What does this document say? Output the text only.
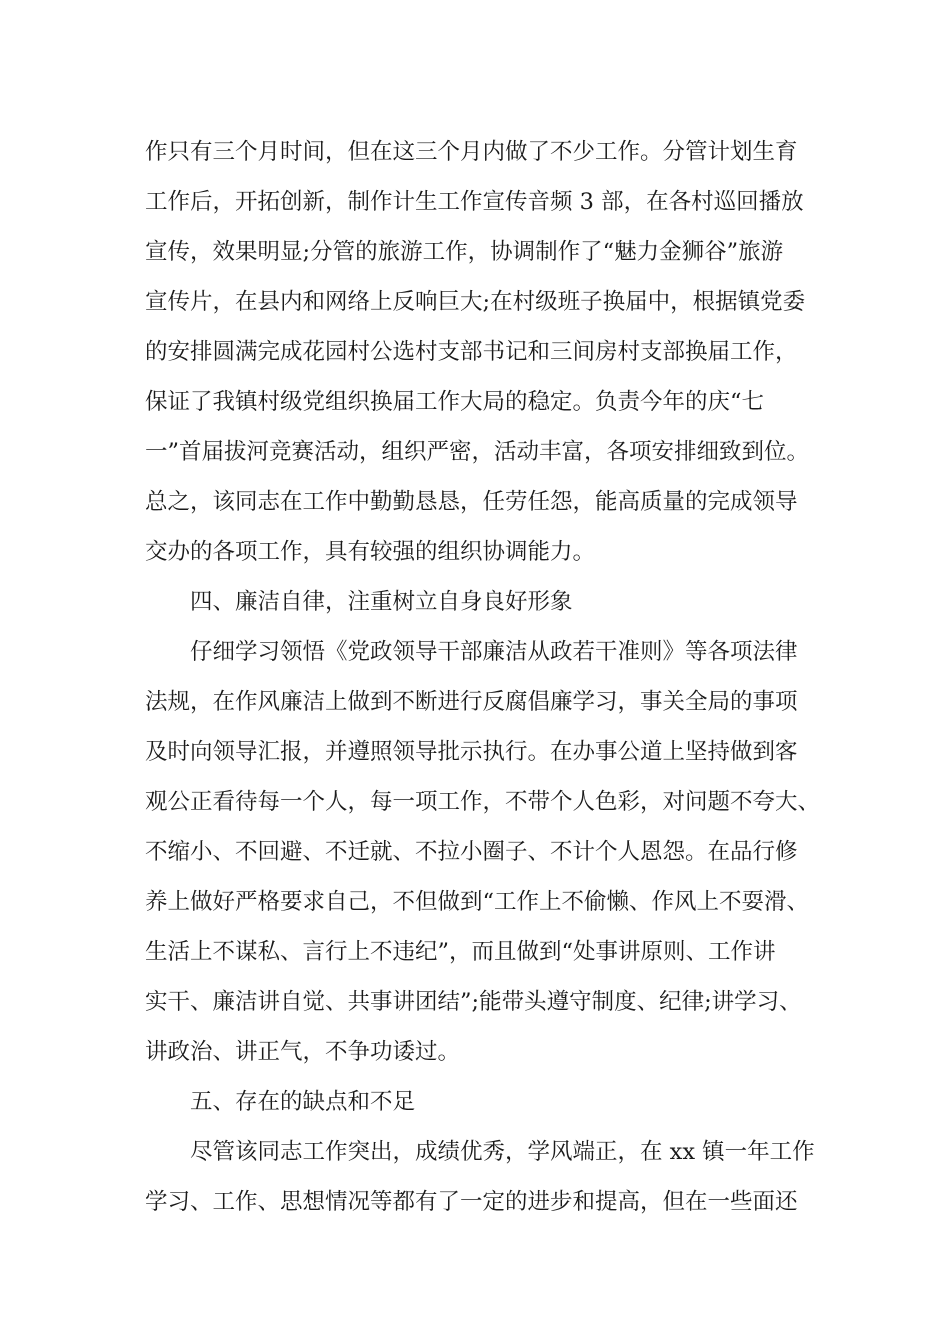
作只有三个月时间，但在这三个月内做了不少工作。分管计划生育
工作后，开拓创新，制作计生工作宣传音频 3 部，在各村巡回播放
宣传，效果明显;分管的旅游工作，协调制作了“魅力金狮谷”旅游
宣传片，在县内和网络上反响巨大;在村级班子换届中，根据镇党委
的安排圆满完成花园村公选村支部书记和三间房村支部换届工作，
保证了我镇村级党组织换届工作大局的稳定。负责今年的庆“七
一”首届拔河竞赛活动，组织严密，活动丰富，各项安排细致到位。
总之，该同志在工作中勤勤恳恳，任劳任怨，能高质量的完成领导
交办的各项工作，具有较强的组织协调能力。
四、廉洁自律，注重树立自身良好形象
仔细学习领悟《党政领导干部廉洁从政若干准则》等各项法律
法规，在作风廉洁上做到不断进行反腐倡廉学习，事关全局的事项
及时向领导汇报，并遵照领导批示执行。在办事公道上坚持做到客
观公正看待每一个人，每一项工作，不带个人色彩，对问题不夸大、
不缩小、不回避、不迁就、不拉小圈子、不计个人恩怨。在品行修
养上做好严格要求自己，不但做到“工作上不偷懒、作风上不耍滑、
生活上不谋私、言行上不违纪”，而且做到“处事讲原则、工作讲
实干、廉洁讲自觉、共事讲团结”;能带头遵守制度、纪律;讲学习、
讲政治、讲正气，不争功诿过。
五、存在的缺点和不足
尽管该同志工作突出，成绩优秀，学风端正，在 xx 镇一年工作
学习、工作、思想情况等都有了一定的进步和提高，但在一些面还
